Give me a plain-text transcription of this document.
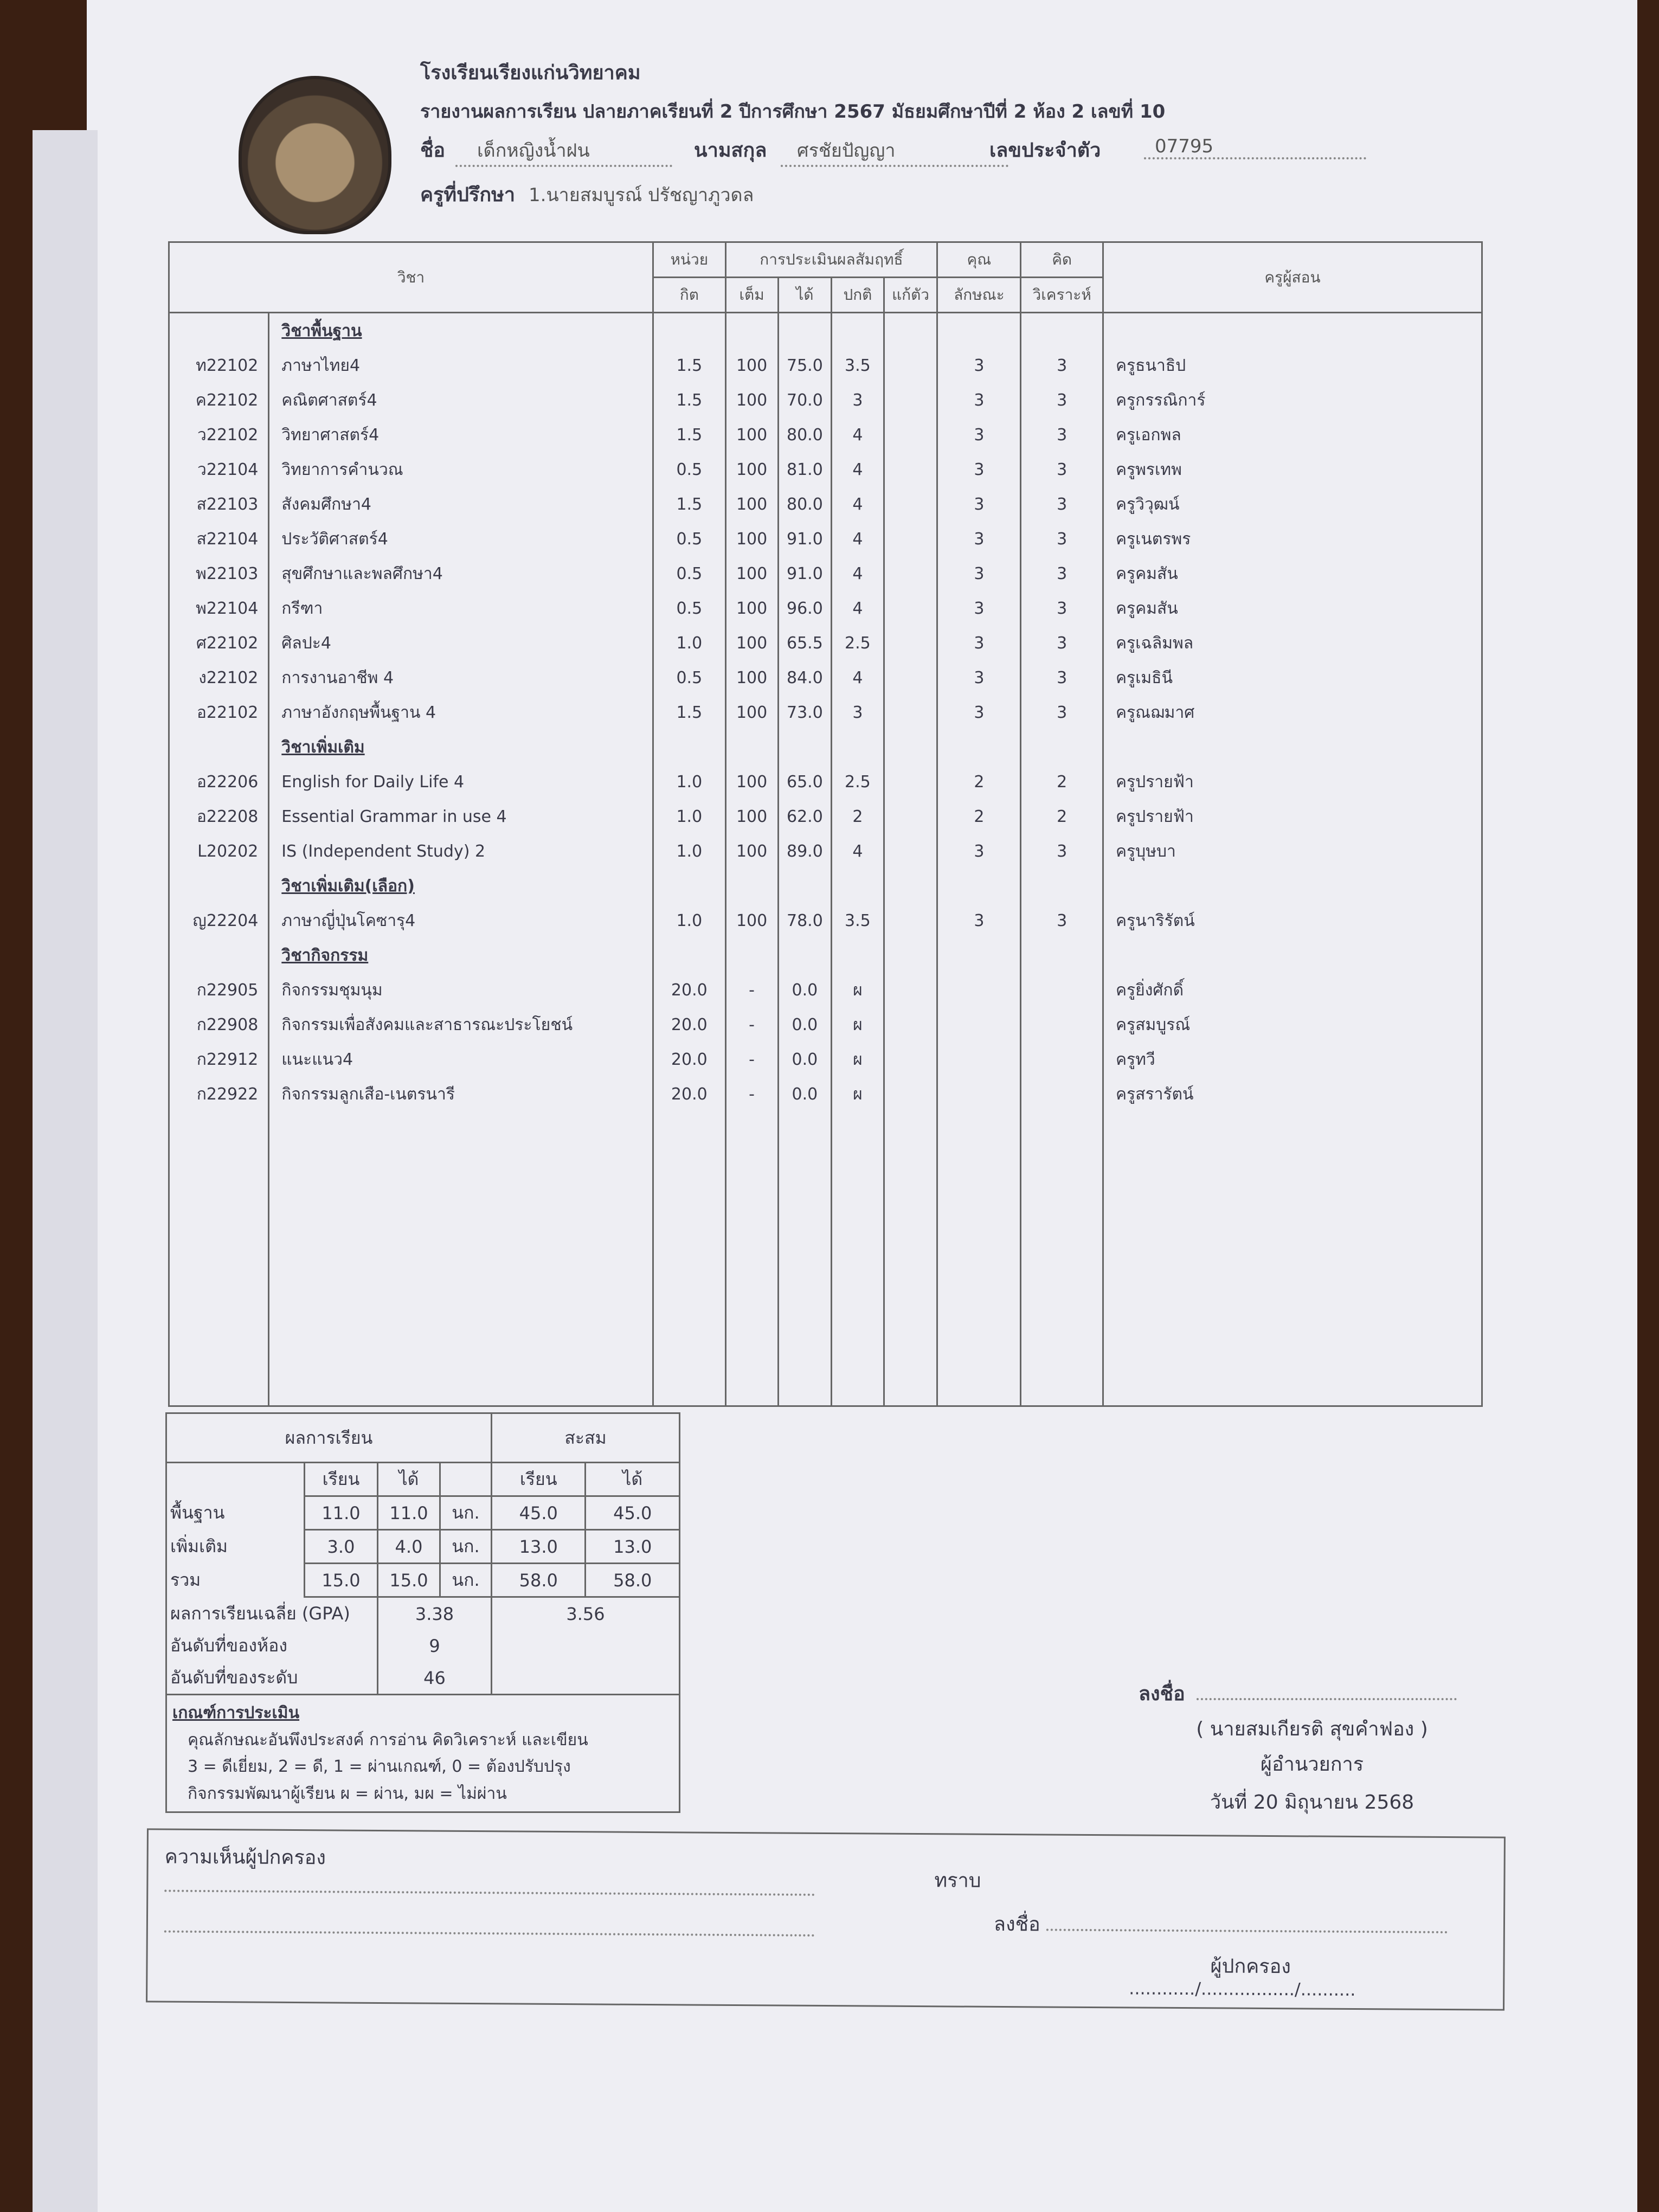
โรงเรียนเรียงแก่นวิทยาคม
รายงานผลการเรียน ปลายภาคเรียนที่ 2 ปีการศึกษา 2567 มัธยมศึกษาปีที่ 2 ห้อง 2 เลขที่ 10
ชื่อ	เด็กหญิงน้ำฝน	นามสกุล	ศรชัยปัญญา	เลขประจำตัว	07795
ครูที่ปรึกษา 1.นายสมบูรณ์ ปรัชญาภูวดล
วิชา		หน่วย	การประเมินผลสัมฤทธิ์				คุณ	คิด	ครูผู้สอน
		กิต	เต็ม	ได้	ปกติ	แก้ตัว	ลักษณะ	วิเคราะห์	
	วิชาพื้นฐาน								
ท22102	ภาษาไทย4	1.5	100	75.0	3.5		3	3	ครูธนาธิป
ค22102	คณิตศาสตร์4	1.5	100	70.0	3		3	3	ครูกรรณิการ์
ว22102	วิทยาศาสตร์4	1.5	100	80.0	4		3	3	ครูเอกพล
ว22104	วิทยาการคำนวณ	0.5	100	81.0	4		3	3	ครูพรเทพ
ส22103	สังคมศึกษา4	1.5	100	80.0	4		3	3	ครูวิวุฒน์
ส22104	ประวัติศาสตร์4	0.5	100	91.0	4		3	3	ครูเนตรพร
พ22103	สุขศึกษาและพลศึกษา4	0.5	100	91.0	4		3	3	ครูคมสัน
พ22104	กรีฑา	0.5	100	96.0	4		3	3	ครูคมสัน
ศ22102	ศิลปะ4	1.0	100	65.5	2.5		3	3	ครูเฉลิมพล
ง22102	การงานอาชีพ 4	0.5	100	84.0	4		3	3	ครูเมธินี
อ22102	ภาษาอังกฤษพื้นฐาน 4	1.5	100	73.0	3		3	3	ครูณฌมาศ
	วิชาเพิ่มเติม								
อ22206	English for Daily Life 4	1.0	100	65.0	2.5		2	2	ครูปรายฟ้า
อ22208	Essential Grammar in use 4	1.0	100	62.0	2		2	2	ครูปรายฟ้า
L20202	IS (Independent Study) 2	1.0	100	89.0	4		3	3	ครูบุษบา
	วิชาเพิ่มเติม(เลือก)								
ญ22204	ภาษาญี่ปุ่นโคซารุ4	1.0	100	78.0	3.5		3	3	ครูนาริรัตน์
	วิชากิจกรรม								
ก22905	กิจกรรมชุมนุม	20.0	-	0.0	ผ				ครูยิ่งศักดิ์
ก22908	กิจกรรมเพื่อสังคมและสาธารณะประโยชน์	20.0	-	0.0	ผ				ครูสมบูรณ์
ก22912	แนะแนว4	20.0	-	0.0	ผ				ครูทวี
ก22922	กิจกรรมลูกเสือ-เนตรนารี	20.0	-	0.0	ผ				ครูสรารัตน์

ผลการเรียน				สะสม	
	เรียน	ได้		เรียน	ได้
พื้นฐาน	11.0	11.0	นก.	45.0	45.0
เพิ่มเติม	3.0	4.0	นก.	13.0	13.0
รวม	15.0	15.0	นก.	58.0	58.0
ผลการเรียนเฉลี่ย (GPA)		3.38		3.56	
อันดับที่ของห้อง		9			
อันดับที่ของระดับ		46			

เกณฑ์การประเมิน
คุณลักษณะอันพึงประสงค์ การอ่าน คิดวิเคราะห์ และเขียน
3 = ดีเยี่ยม, 2 = ดี, 1 = ผ่านเกณฑ์, 0 = ต้องปรับปรุง
กิจกรรมพัฒนาผู้เรียน ผ = ผ่าน, มผ = ไม่ผ่าน					
ลงชื่อ
( นายสมเกียรติ สุขคำฟอง )
ผู้อำนวยการ
วันที่ 20 มิถุนายน 2568
ความเห็นผู้ปกครอง
ทราบ
ลงชื่อ
ผู้ปกครอง
............/................./..........
